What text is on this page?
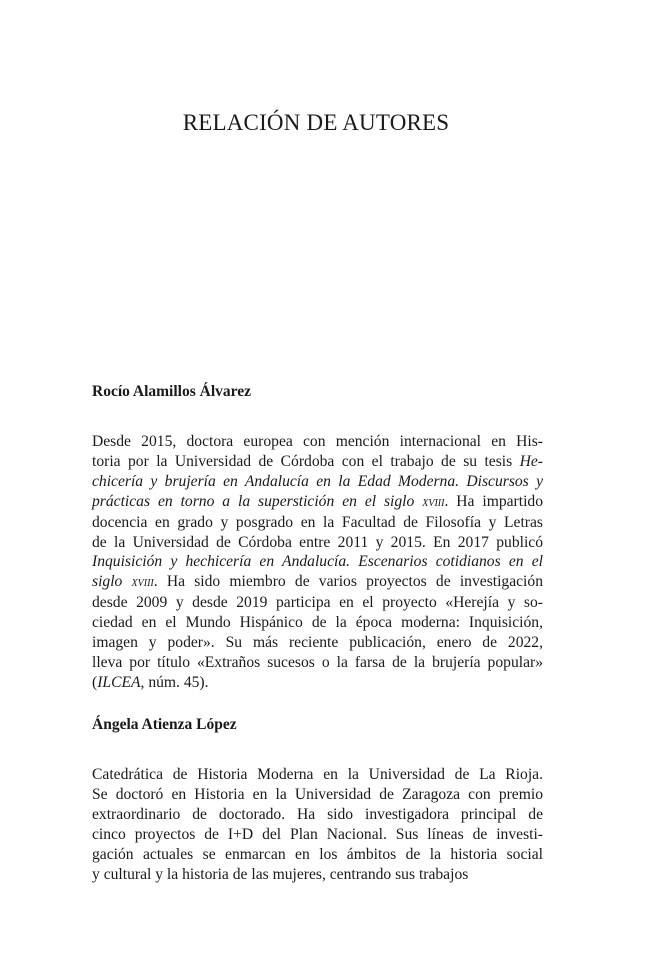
RELACIÓN DE AUTORES

Rocío Alamillos Álvarez

Desde 2015, doctora europea con mención internacional en His-
toria por la Universidad de Córdoba con el trabajo de su tesis He-
chicería y brujería en Andalucía en la Edad Moderna. Discursos y
prácticas en torno a la superstición en el siglo xviii. Ha impartido
docencia en grado y posgrado en la Facultad de Filosofía y Letras
de la Universidad de Córdoba entre 2011 y 2015. En 2017 publicó
Inquisición y hechicería en Andalucía. Escenarios cotidianos en el
siglo xviii. Ha sido miembro de varios proyectos de investigación
desde 2009 y desde 2019 participa en el proyecto «Herejía y so-
ciedad en el Mundo Hispánico de la época moderna: Inquisición,
imagen y poder». Su más reciente publicación, enero de 2022,
lleva por título «Extraños sucesos o la farsa de la brujería popular»
(ILCEA, núm. 45).

Ángela Atienza López

Catedrática de Historia Moderna en la Universidad de La Rioja.
Se doctoró en Historia en la Universidad de Zaragoza con premio
extraordinario de doctorado. Ha sido investigadora principal de
cinco proyectos de I+D del Plan Nacional. Sus líneas de investi-
gación actuales se enmarcan en los ámbitos de la historia social
y cultural y la historia de las mujeres, centrando sus trabajos
